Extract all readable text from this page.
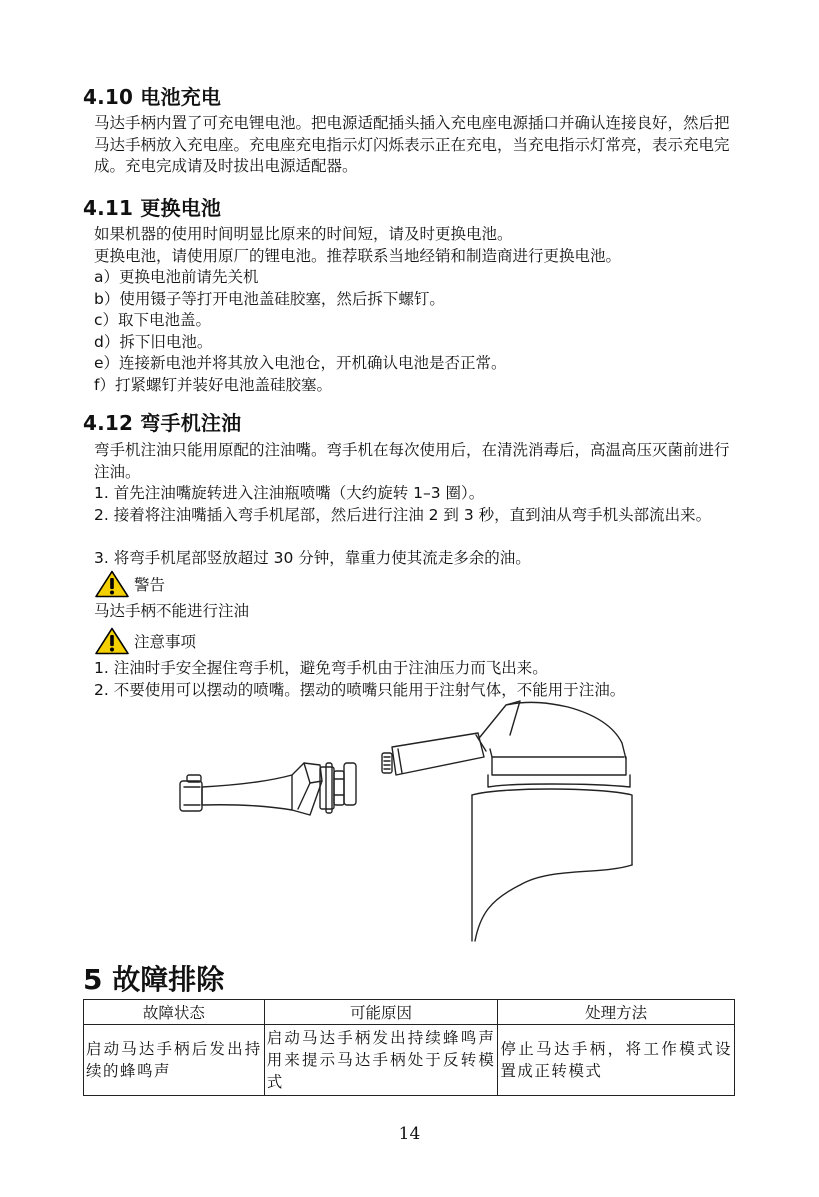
4.10 电池充电

马达手柄内置了可充电锂电池。把电源适配插头插入充电座电源插口并确认连接良好，然后把马达手柄放入充电座。充电座充电指示灯闪烁表示正在充电，当充电指示灯常亮，表示充电完成。充电完成请及时拔出电源适配器。

4.11 更换电池

如果机器的使用时间明显比原来的时间短，请及时更换电池。

更换电池，请使用原厂的锂电池。推荐联系当地经销和制造商进行更换电池。

a）更换电池前请先关机

b）使用镊子等打开电池盖硅胶塞，然后拆下螺钉。

c）取下电池盖。

d）拆下旧电池。

e）连接新电池并将其放入电池仓，开机确认电池是否正常。

f）打紧螺钉并装好电池盖硅胶塞。

4.12 弯手机注油

弯手机注油只能用原配的注油嘴。弯手机在每次使用后，在清洗消毒后，高温高压灭菌前进行注油。

1. 首先注油嘴旋转进入注油瓶喷嘴（大约旋转 1–3 圈）。

2. 接着将注油嘴插入弯手机尾部，然后进行注油 2 到 3 秒，直到油从弯手机头部流出来。

3. 将弯手机尾部竖放超过 30 分钟，靠重力使其流走多余的油。

警告

马达手柄不能进行注油

注意事项

1. 注油时手安全握住弯手机，避免弯手机由于注油压力而飞出来。

2. 不要使用可以摆动的喷嘴。摆动的喷嘴只能用于注射气体，不能用于注油。

5 故障排除
故障状态	可能原因	处理方法
启动马达手柄后发出持续的蜂鸣声	启动马达手柄发出持续蜂鸣声用来提示马达手柄处于反转模式	停止马达手柄，将工作模式设置成正转模式
14
